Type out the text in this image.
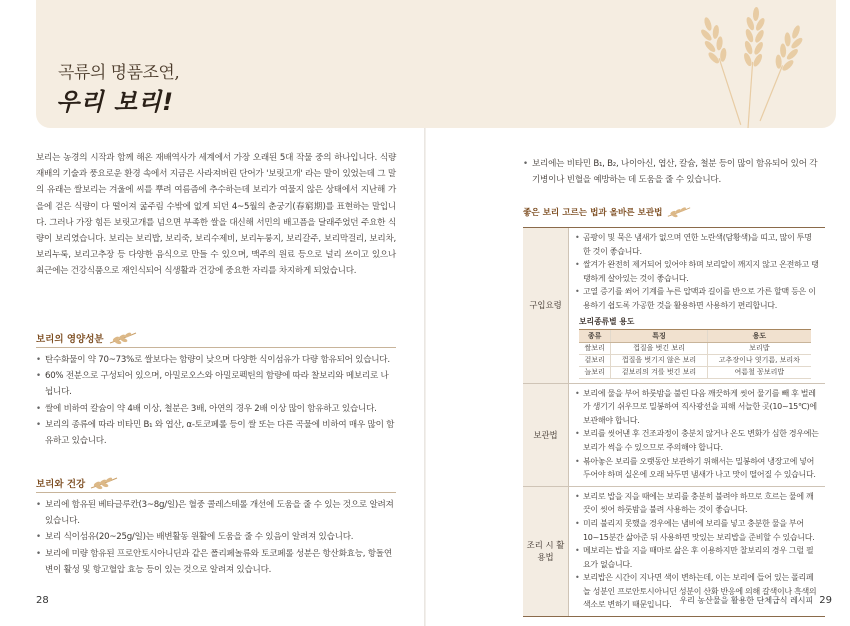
곡류의 명품조연,
우리 보리!

보리는 농경의 시작과 함께 해온 재배역사가 세계에서 가장 오래된 5대 작물 중의 하나입니다. 식량 재배의 기술과 풍요로운 환경 속에서 지금은 사라져버린 단어가 '보릿고개' 라는 말이 있었는데 그 말의 유래는 쌀보리는 겨울에 씨를 뿌려 여름즘에 추수하는데 보리가 여물지 않은 상태에서 지난해 가을에 걷은 식량이 다 떨어져 굶주림 수밖에 없게 되던 4~5월의 춘궁기(春窮期)를 표현하는 말입니다. 그러나 가장 힘든 보릿고개를 넘으면 부족한 쌀을 대신해 서민의 배고픔을 달래주었던 주요한 식량이 보리였습니다. 보리는 보리밥, 보리죽, 보리수제비, 보리누룽지, 보리갈주, 보리막걸리, 보리차, 보리누룩, 보리고추장 등 다양한 음식으로 만들 수 있으며, 맥주의 원료 등으로 널리 쓰이고 있으나 최근에는 건강식품으로 재인식되어 식생활과 건강에 중요한 자리를 차지하게 되었습니다.

보리의 영양성분
• 탄수화물이 약 70~73%로 쌀보다는 함량이 낮으며 다양한 식이섬유가 다량 함유되어 있습니다.
• 60% 전분으로 구성되어 있으며, 아밀로오스와 아밀로펙틴의 함량에 따라 찰보리와 메보리로 나뉩니다.
• 쌀에 비하여 칼슘이 약 4배 이상, 철분은 3배, 아연의 경우 2배 이상 많이 함유하고 있습니다.
• 보리의 종류에 따라 비타민 B₁ 와 엽산, α-토코페롤 등이 쌀 또는 다른 곡물에 비하여 매우 많이 함유하고 있습니다.
보리와 건강
• 보리에 함유된 베타글루칸(3~8g/일)은 혈중 콜레스테롤 개선에 도움을 줄 수 있는 것으로 알려져 있습니다.
• 보리 식이섬유(20~25g/일)는 배변활동 원활에 도움을 줄 수 있음이 알려져 있습니다.
• 보리에 미량 함유된 프로안토시아니딘과 같은 폴리페놀류와 토코페롤 성분은 항산화효능, 항돌연변이 활성 및 항고혈압 효능 등이 있는 것으로 알려져 있습니다.
28
• 보리에는 비타민 B₁, B₂, 나이아신, 엽산, 칼슘, 철분 등이 많이 함유되어 있어 각기병이나 빈혈을 예방하는 데 도움을 줄 수 있습니다.
좋은 보리 고르는 법과 올바른 보관법
구입요령
• 곰팡이 및 묵은 냄새가 없으며 연한 노란색(담황색)을 띠고, 많이 투명한 것이 좋습니다.
• 쌀겨가 완전히 제거되어 있어야 하며 보리알이 깨지지 않고 온전하고 탱탱하게 살아있는 것이 좋습니다.
• 고열 증기를 쐬어 기계를 누른 압맥과 길이를 반으로 가른 할맥 등은 이용하기 쉽도록 가공한 것을 활용하면 사용하기 편리합니다.
보리종류별 용도
종류	특징	용도
쌀보리	껍질을 벗긴 보리	보리밥
겉보리	껍질을 벗기지 않은 보리	고추장이나 엿기름, 보리차
늘보리	겉보리의 겨를 벗긴 보리	여름철 꽁보리밥
보관법
• 보리에 물을 부어 하룻밤을 불린 다음 깨끗하게 씻어 물기를 빼 후 벌레가 생기기 쉬우므로 밀봉하여 직사광선을 피해 서늘한 곳(10~15℃)에 보관해야 합니다.
• 보리를 씻어낸 후 건조과정이 충분치 않거나 온도 변화가 심한 경우에는 보리가 썩을 수 있으므로 주의해야 합니다.
• 볶아놓은 보리를 오랫동안 보관하기 위해서는 밀봉하여 냉장고에 넣어두어야 하며 실온에 오래 놔두면 냄새가 나고 맛이 떨어질 수 있습니다.
조리 시 활용법
• 보리로 밥을 지을 때에는 보리를 충분히 불려야 하므로 흐르는 물에 깨끗이 씻어 하룻밤을 불려 사용하는 것이 좋습니다.
• 미리 불리지 못했을 경우에는 냄비에 보리를 넣고 충분한 물을 부어 10~15분간 삶아준 뒤 사용하면 맛있는 보리밥을 준비할 수 있습니다.
• 메보리는 밥을 지을 때마로 삶은 후 이용하지만 찰보리의 경우 그럴 필요가 없습니다.
• 보리밥은 시간이 지나면 색이 변하는데, 이는 보리에 들어 있는 폴리페놀 성분인 프로안토시아니딘 성분이 산화 반응에 의해 갈색이나 흑색의 색소로 변하기 때문입니다.	우리 농산물을 활용한 단체급식 레시피 29
